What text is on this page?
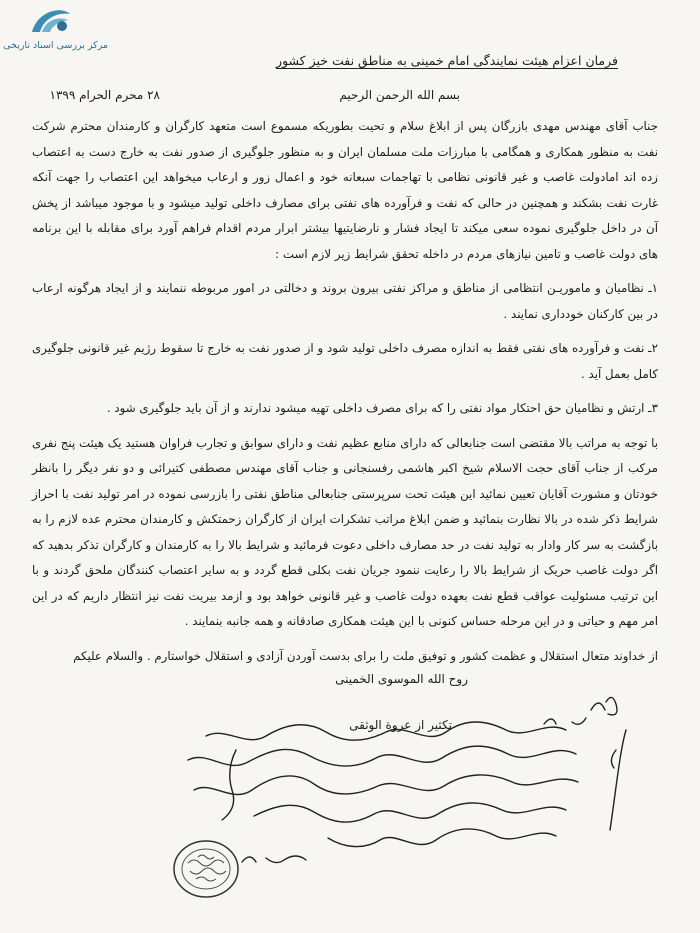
مرکز بررسی اسناد تاریخی
فرمان اعزام هیئت نمایندگی امام خمینی به مناطق نفت خیز کشور
بسم الله الرحمن الرحیم
۲۸ محرم الحرام ۱۳۹۹

جناب آقای مهندس مهدی بازرگان پس از ابلاغ سلام و تحیت بطوریکه مسموع است متعهد کارگران و کارمندان محترم شرکت نفت به منظور همکاری و همگامی با مبارزات ملت مسلمان ایران و به منظور جلوگیری از صدور نفت به خارج دست به اعتصاب زده اند امادولت غاصب و غیر قانونی نظامی با تهاجمات سبعانه خود و اعمال زور و ارعاب میخواهد این اعتصاب را جهت آنکه غارت نفت بشکند و همچنین در حالی که نفت و فرآورده های نفتی برای مصارف داخلی تولید میشود و با موجود میباشد از پخش آن در داخل جلوگیری نموده سعی میکند تا ایجاد فشار و نارضایتیها بیشتر ابرار مردم اقدام فراهم آورد برای مقابله با این برنامه های دولت غاصب و تامین نیازهای مردم در داخله تحقق شرایط زیر لازم است :

۱ـ نظامیان و ماموریـن انتظامی از مناطق و مراکز نفتی بیرون بروند و دخالتی در امور مربوطه ننمایند و از ایجاد هرگونه ارعاب در بین کارکنان خودداری نمایند .

۲ـ نفت و فرآورده های نفتی فقط به اندازه مصرف داخلی تولید شود و از صدور نفت به خارج تا سقوط رژیم غیر قانونی جلوگیری کامل بعمل آید .

۳ـ ارتش و نظامیان حق احتکار مواد نفتی را که برای مصرف داخلی تهیه میشود ندارند و از آن باید جلوگیری شود .

با توجه به مراتب بالا مقتضی است جنابعالی که دارای منابع عظیم نفت و دارای سوابق و تجارب فراوان هستید یک هیئت پنج نفری مرکب از جناب آقای حجت الاسلام شیخ اکبر هاشمی رفسنجانی و جناب آقای مهندس مصطفی کتیرائی و دو نفر دیگر را بانظر خودتان و مشورت آقایان تعیین نمائید این هیئت تحت سرپرستی جنابعالی مناطق نفتی را بازرسی نموده در امر تولید نفت با احراز شرایط ذکر شده در بالا نظارت بنمائید و ضمن ابلاغ مراتب تشکرات ایران از کارگران زحمتکش و کارمندان محترم عده لازم را به بازگشت به سر کار وادار به تولید نفت در حد مصارف داخلی دعوت فرمائید و شرایط بالا را به کارمندان و کارگران تذکر بدهید که اگر دولت غاصب حریک از شرایط بالا را رعایت ننمود جریان نفت بکلی قطع گردد و به سایر اعتصاب کنندگان ملحق گردند و با این ترتیب مسئولیت عواقب قطع نفت بعهده دولت غاصب و غیر قانونی خواهد بود و ازمد بیریت نفت نیز انتظار داریم که در این امر مهم و حیاتی و در این مرحله حساس کنونی با این هیئت همکاری صادقانه و همه جانبه بنمایند .

از خداوند متعال استقلال و عظمت کشور و توفیق ملت را برای بدست آوردن آزادی و استقلال خواستارم . والسلام علیکم

روح الله الموسوی الخمینی
تکثیر از عروة الوثقی
